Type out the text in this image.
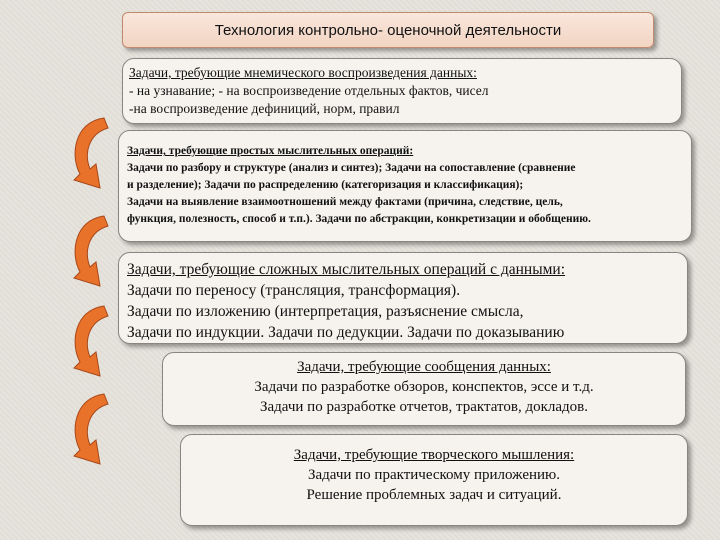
Технология контрольно- оценочной деятельности
Задачи, требующие мнемического воспроизведения данных:
- на узнавание; - на воспроизведение отдельных фактов, чисел
-на воспроизведение дефиниций, норм, правил
Задачи, требующие простых мыслительных операций:
Задачи по разбору и структуре (анализ и синтез); Задачи на сопоставление (сравнение
и разделение); Задачи по распределению (категоризация и классификация);
Задачи на выявление взаимоотношений между фактами (причина, следствие, цель,
функция, полезность, способ и т.п.). Задачи по абстракции, конкретизации и обобщению.
Задачи, требующие сложных мыслительных операций с данными:
Задачи по переносу (трансляция, трансформация).
Задачи по изложению (интерпретация, разъяснение смысла,
Задачи по индукции. Задачи по дедукции. Задачи по доказыванию
Задачи, требующие сообщения данных:
Задачи по разработке обзоров, конспектов, эссе и т.д.
Задачи по разработке отчетов, трактатов, докладов.
Задачи, требующие творческого мышления:
Задачи по практическому приложению.
Решение проблемных задач и ситуаций.
